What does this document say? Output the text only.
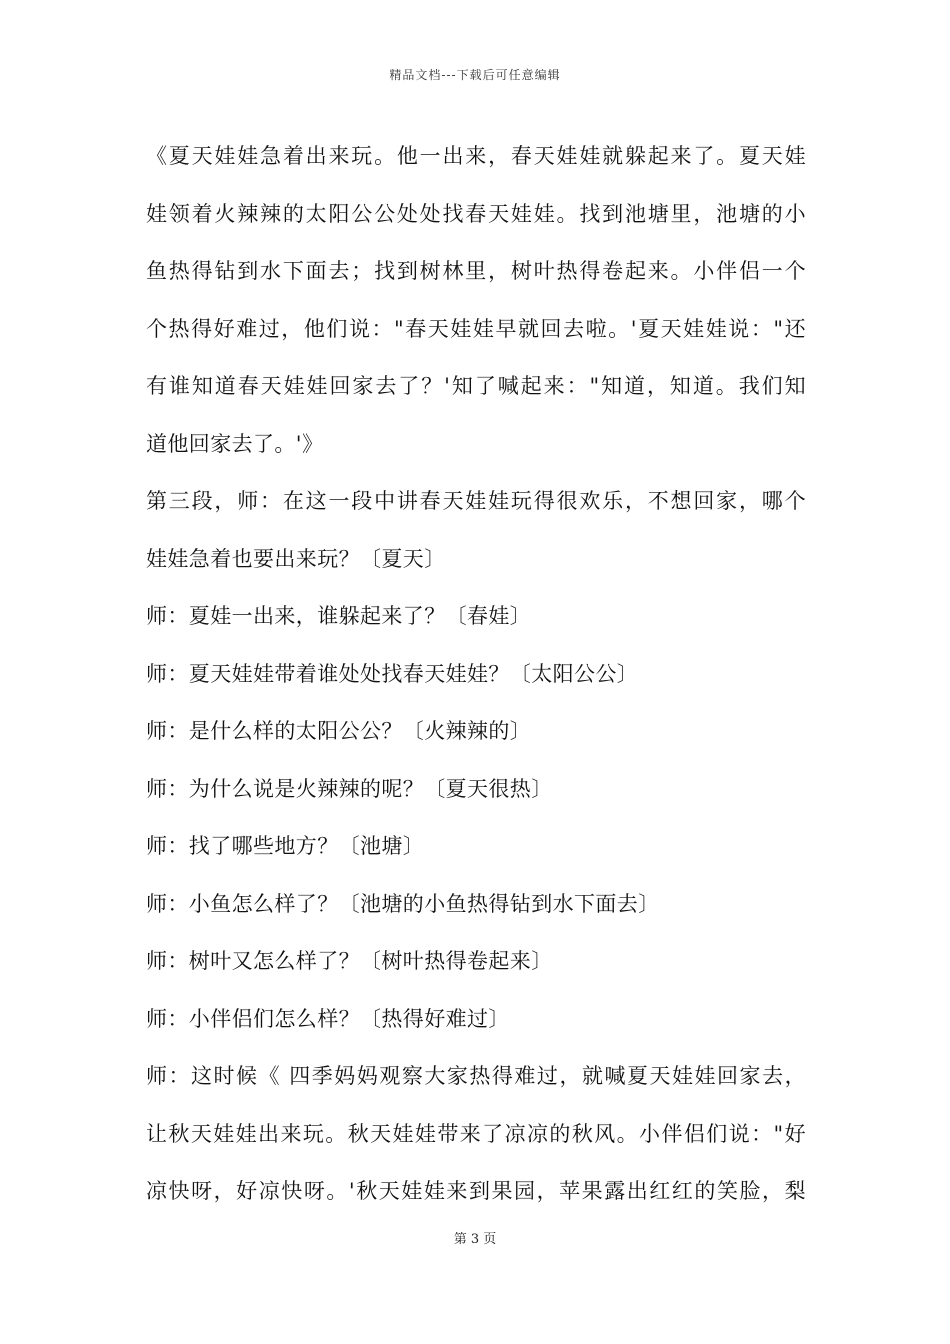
精品文档---下载后可任意编辑
《夏天娃娃急着出来玩。他一出来，春天娃娃就躲起来了。夏天娃
娃领着火辣辣的太阳公公处处找春天娃娃。找到池塘里，池塘的小
鱼热得钻到水下面去；找到树林里，树叶热得卷起来。小伴侣一个
个热得好难过，他们说："春天娃娃早就回去啦。'夏天娃娃说："还
有谁知道春天娃娃回家去了？'知了喊起来："知道，知道。我们知
道他回家去了。'》
第三段，师：在这一段中讲春天娃娃玩得很欢乐，不想回家，哪个
娃娃急着也要出来玩？〔夏天〕
师：夏娃一出来，谁躲起来了？〔春娃〕
师：夏天娃娃带着谁处处找春天娃娃？〔太阳公公〕
师：是什么样的太阳公公？〔火辣辣的〕
师：为什么说是火辣辣的呢？〔夏天很热〕
师：找了哪些地方？〔池塘〕
师：小鱼怎么样了？〔池塘的小鱼热得钻到水下面去〕
师：树叶又怎么样了？〔树叶热得卷起来〕
师：小伴侣们怎么样？〔热得好难过〕
师：这时候《 四季妈妈观察大家热得难过，就喊夏天娃娃回家去，
让秋天娃娃出来玩。秋天娃娃带来了凉凉的秋风。小伴侣们说："好
凉快呀，好凉快呀。'秋天娃娃来到果园，苹果露出红红的笑脸，梨
第 3 页
